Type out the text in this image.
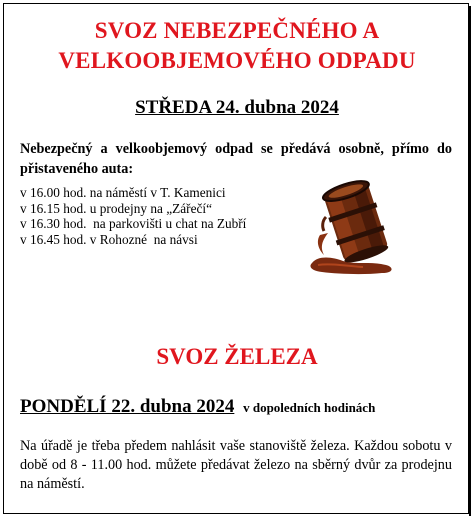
SVOZ NEBEZPEČNÉHO A
VELKOOBJEMOVÉHO ODPADU
STŘEDA 24. dubna 2024
Nebezpečný a velkoobjemový odpad se předává osobně, přímo do přistaveného auta:
v 16.00 hod. na náměstí v T. Kamenici
v 16.15 hod. u prodejny na „Zářečí“
v 16.30 hod.  na parkovišti u chat na Zubří
v 16.45 hod. v Rohozné  na návsi
SVOZ ŽELEZA
PONDĚLÍ 22. dubna 2024 v dopoledních hodinách
Na úřadě je třeba předem nahlásit vaše stanoviště železa. Každou sobotu v době od 8 - 11.00 hod. můžete předávat železo na sběrný dvůr za prodejnu na náměstí.
